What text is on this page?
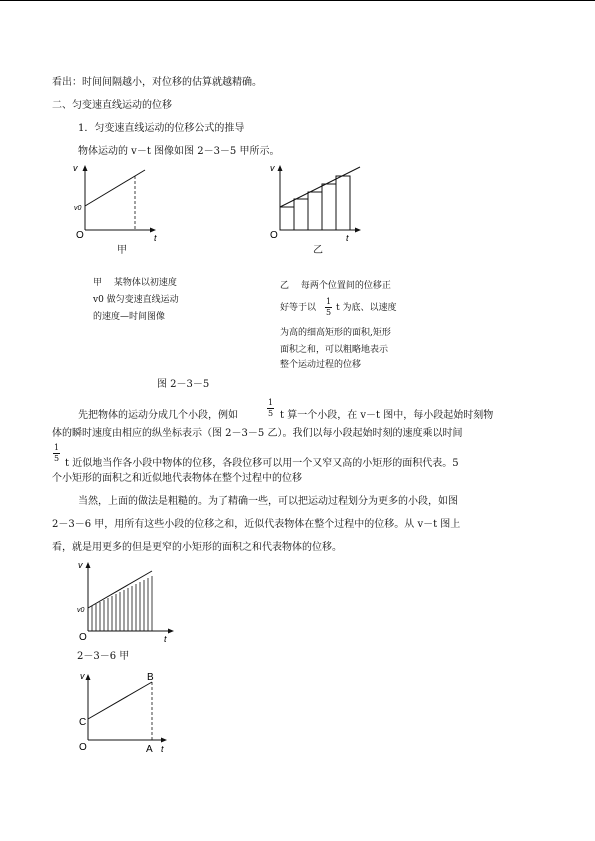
看出：时间间隔越小，对位移的估算就越精确。
二、匀变速直线运动的位移
1．匀变速直线运动的位移公式的推导
物体运动的 v－t 图像如图 2－3－5 甲所示。
v
v0
O	t
甲
v
O	t
乙
甲　 某物体以初速度
v0 做匀变速直线运动
的速度—时间图像
乙　 每两个位置间的位移正
好等于以 $\frac{1}{5}$ t 为底、以速度
为高的细高矩形的面积,矩形
面积之和，可以粗略地表示
整个运动过程的位移
图 2－3－5
先把物体的运动分成几个小段，例如	$\frac{1}{5}$ t 算一个小段，在 v－t 图中，每小段起始时刻物
体的瞬时速度由相应的纵坐标表示（图 2－3－5 乙）。我们以每小段起始时刻的速度乘以时间
$\frac{1}{5}$ t 近似地当作各小段中物体的位移，各段位移可以用一个又窄又高的小矩形的面积代表。5
个小矩形的面积之和近似地代表物体在整个过程中的位移
当然，上面的做法是粗糙的。为了精确一些，可以把运动过程划分为更多的小段，如图
2－3－6 甲，用所有这些小段的位移之和，近似代表物体在整个过程中的位移。从 v－t 图上
看，就是用更多的但是更窄的小矩形的面积之和代表物体的位移。
v
v0
O	t
2－3－6 甲
v	B
C
O	A t
